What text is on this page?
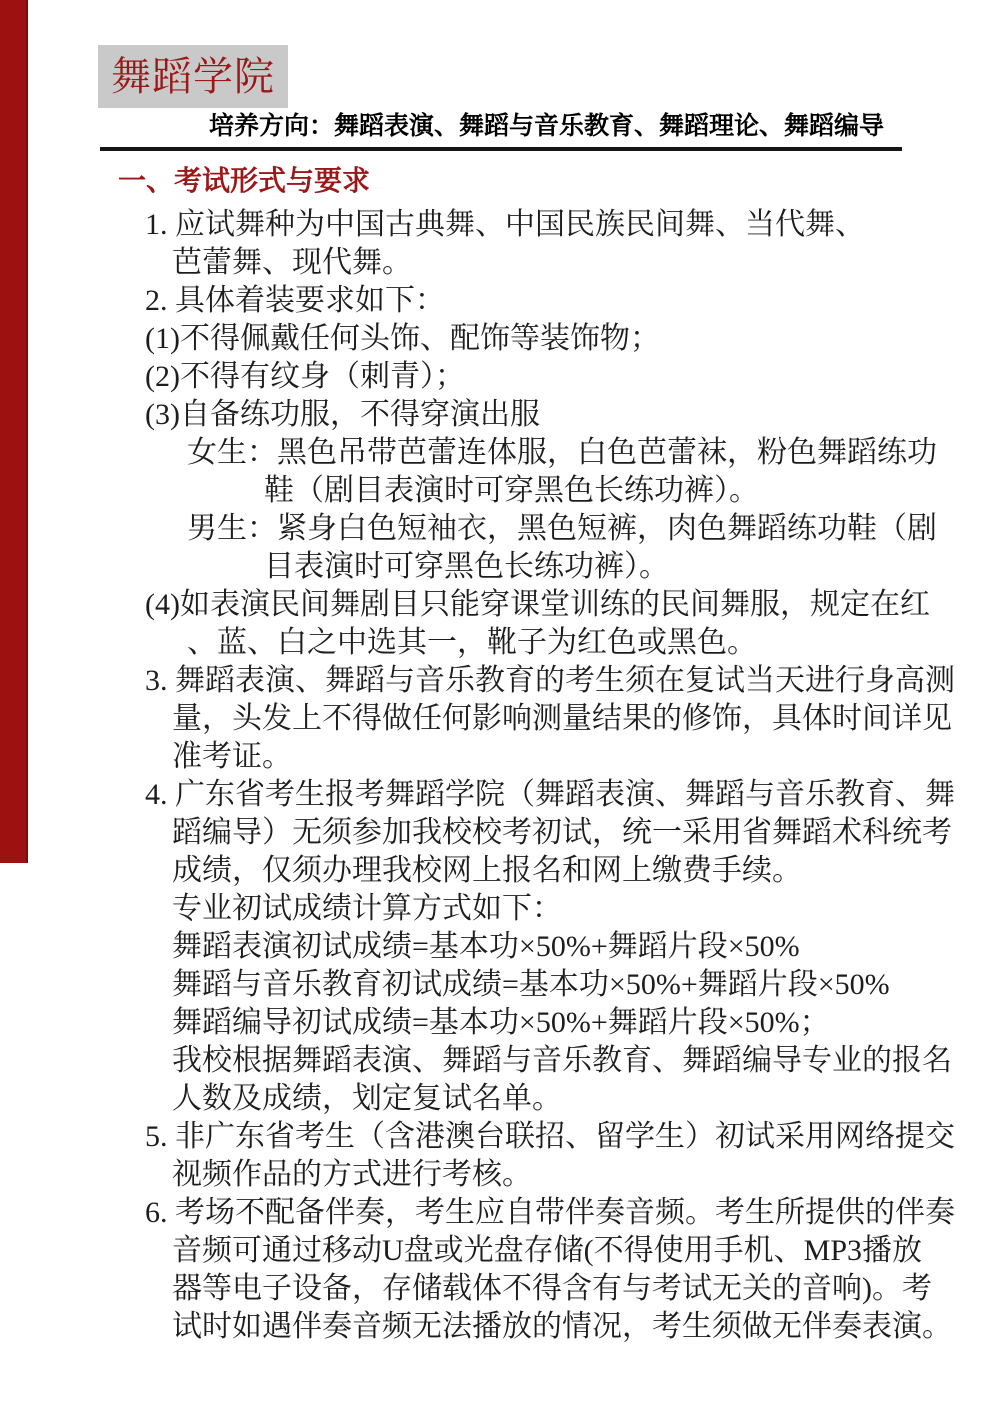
舞蹈学院
培养方向：舞蹈表演、舞蹈与音乐教育、舞蹈理论、舞蹈编导
一、考试形式与要求
1. 应试舞种为中国古典舞、中国民族民间舞、当代舞、
芭蕾舞、现代舞。
2. 具体着装要求如下：
(1)不得佩戴任何头饰、配饰等装饰物；
(2)不得有纹身（刺青）；
(3)自备练功服，不得穿演出服
女生：黑色吊带芭蕾连体服，白色芭蕾袜，粉色舞蹈练功
鞋（剧目表演时可穿黑色长练功裤）。
男生：紧身白色短袖衣，黑色短裤，肉色舞蹈练功鞋（剧
目表演时可穿黑色长练功裤）。
(4)如表演民间舞剧目只能穿课堂训练的民间舞服，规定在红
、蓝、白之中选其一，靴子为红色或黑色。
3. 舞蹈表演、舞蹈与音乐教育的考生须在复试当天进行身高测
量，头发上不得做任何影响测量结果的修饰，具体时间详见
准考证。
4. 广东省考生报考舞蹈学院（舞蹈表演、舞蹈与音乐教育、舞
蹈编导）无须参加我校校考初试，统一采用省舞蹈术科统考
成绩，仅须办理我校网上报名和网上缴费手续。
专业初试成绩计算方式如下：
舞蹈表演初试成绩=基本功×50%+舞蹈片段×50%
舞蹈与音乐教育初试成绩=基本功×50%+舞蹈片段×50%
舞蹈编导初试成绩=基本功×50%+舞蹈片段×50%；
我校根据舞蹈表演、舞蹈与音乐教育、舞蹈编导专业的报名
人数及成绩，划定复试名单。
5. 非广东省考生（含港澳台联招、留学生）初试采用网络提交
视频作品的方式进行考核。
6. 考场不配备伴奏，考生应自带伴奏音频。考生所提供的伴奏
音频可通过移动U盘或光盘存储(不得使用手机、MP3播放
器等电子设备，存储载体不得含有与考试无关的音响)。考
试时如遇伴奏音频无法播放的情况，考生须做无伴奏表演。
